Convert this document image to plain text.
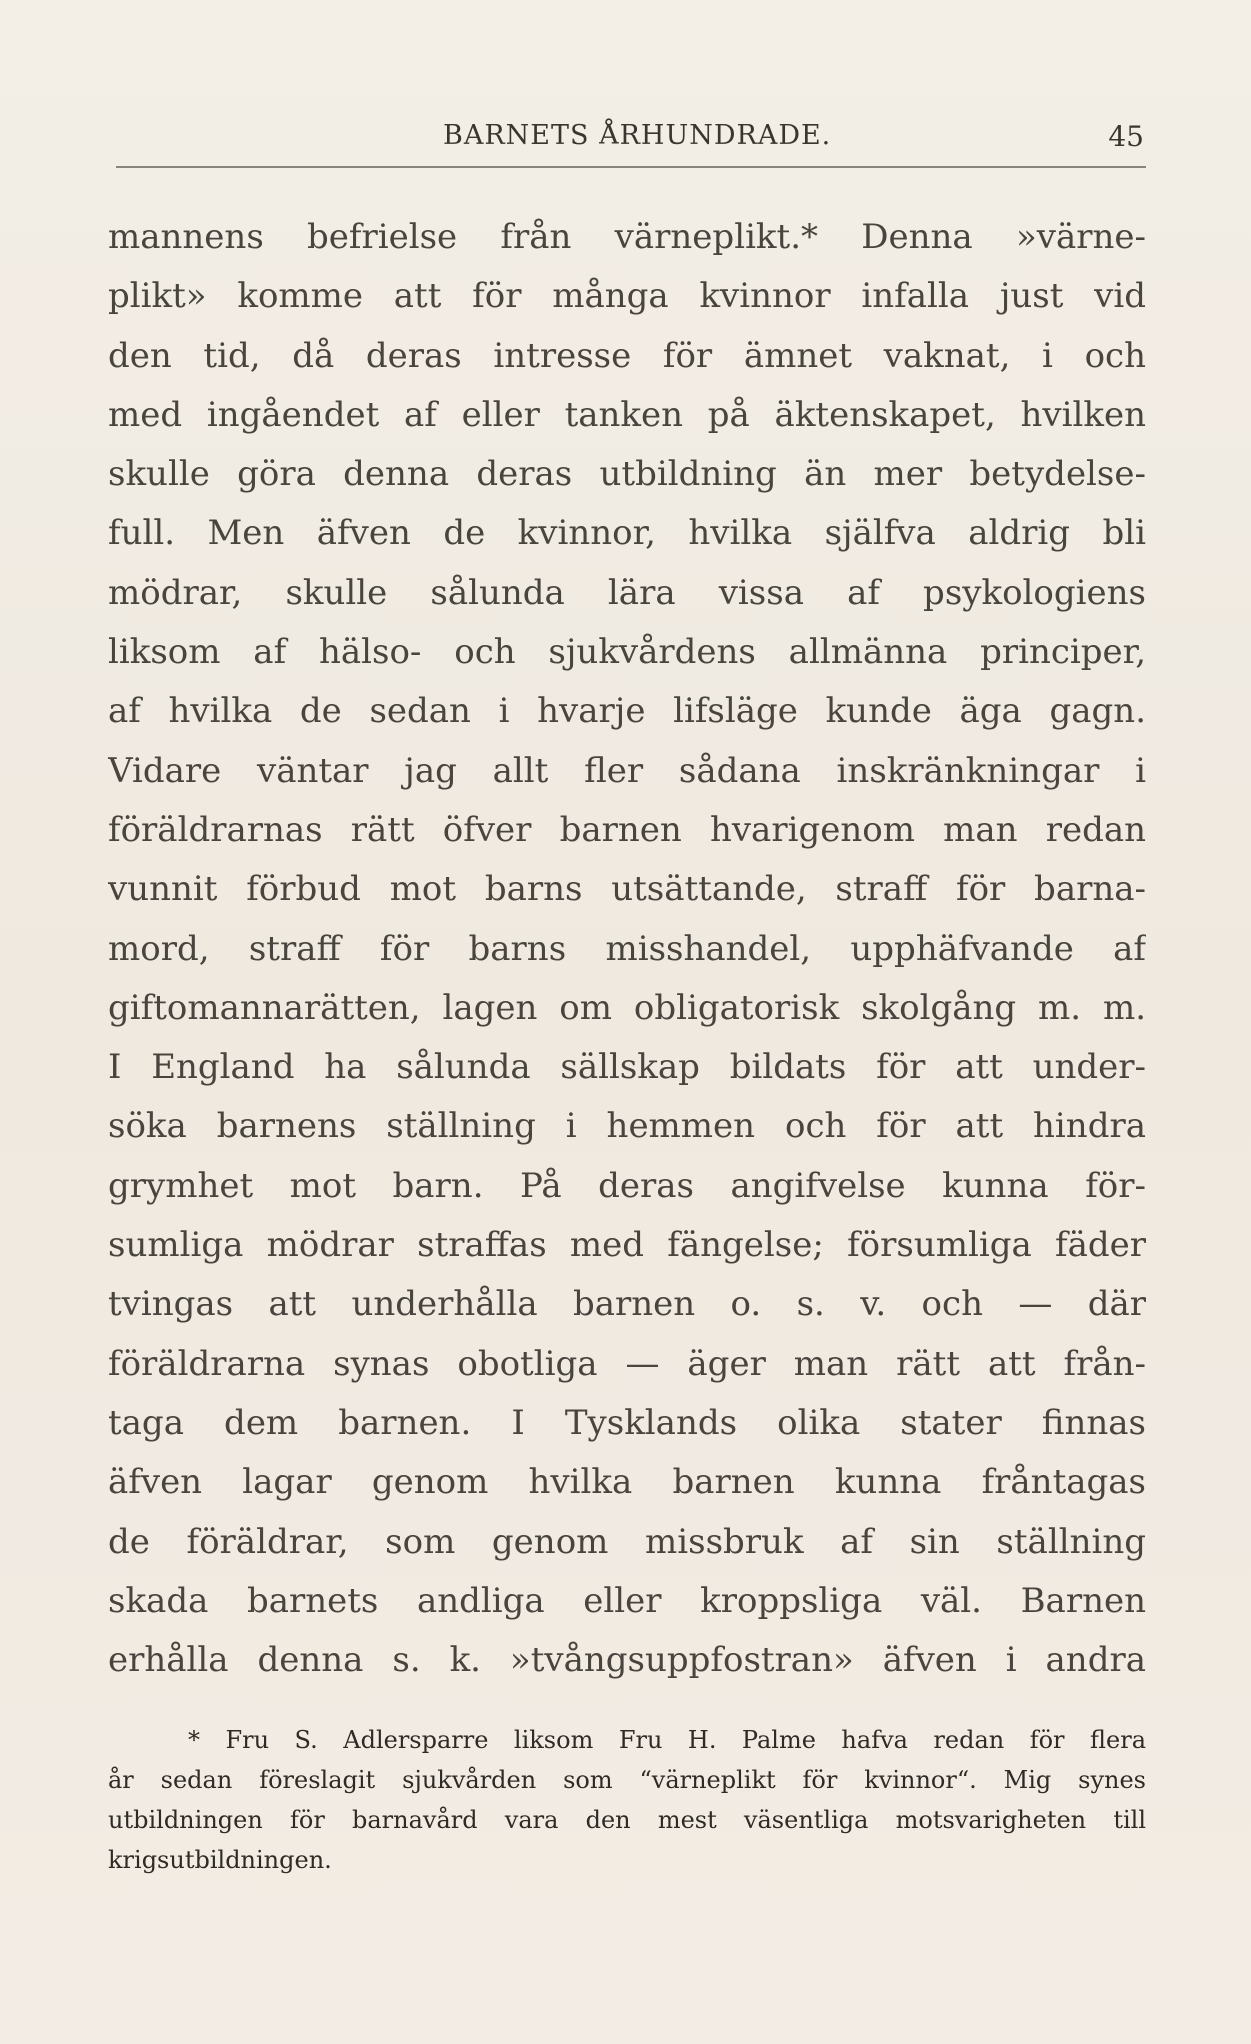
BARNETS ÅRHUNDRADE.	45
mannens befrielse från värneplikt.* Denna »värne-
plikt» komme att för många kvinnor infalla just vid
den tid, då deras intresse för ämnet vaknat, i och
med ingåendet af eller tanken på äktenskapet, hvilken
skulle göra denna deras utbildning än mer betydelse-
full. Men äfven de kvinnor, hvilka själfva aldrig bli
mödrar, skulle sålunda lära vissa af psykologiens
liksom af hälso- och sjukvårdens allmänna principer,
af hvilka de sedan i hvarje lifsläge kunde äga gagn.
Vidare väntar jag allt fler sådana inskränkningar i
föräldrarnas rätt öfver barnen hvarigenom man redan
vunnit förbud mot barns utsättande, straff för barna-
mord, straff för barns misshandel, upphäfvande af
giftomannarätten, lagen om obligatorisk skolgång m. m.
I England ha sålunda sällskap bildats för att under-
söka barnens ställning i hemmen och för att hindra
grymhet mot barn. På deras angifvelse kunna för-
sumliga mödrar straffas med fängelse; försumliga fäder
tvingas att underhålla barnen o. s. v. och — där
föräldrarna synas obotliga — äger man rätt att från-
taga dem barnen. I Tysklands olika stater finnas
äfven lagar genom hvilka barnen kunna fråntagas
de föräldrar, som genom missbruk af sin ställning
skada barnets andliga eller kroppsliga väl. Barnen
erhålla denna s. k. »tvångsuppfostran» äfven i andra
* Fru S. Adlersparre liksom Fru H. Palme hafva redan för flera
år sedan föreslagit sjukvården som “värneplikt för kvinnor“. Mig synes
utbildningen för barnavård vara den mest väsentliga motsvarigheten till
krigsutbildningen.
